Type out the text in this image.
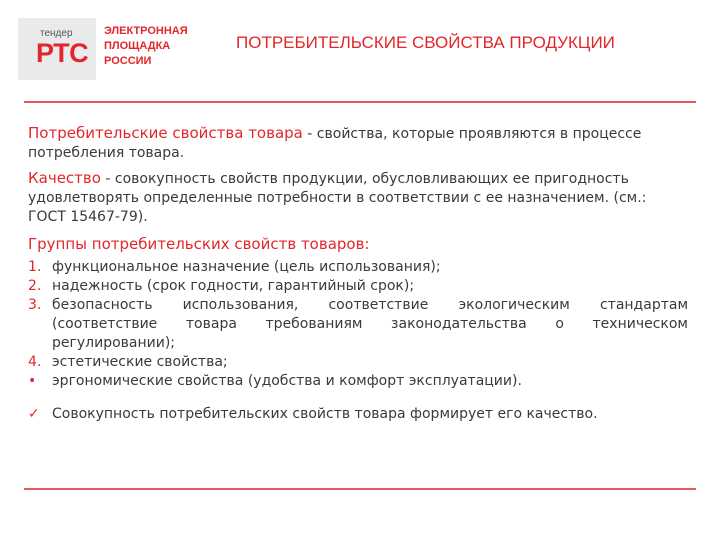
тендер
РТС
ЭЛЕКТРОННАЯ
ПЛОЩАДКА
РОССИИ
ПОТРЕБИТЕЛЬСКИЕ СВОЙСТВА ПРОДУКЦИИ

Потребительские свойства товара - свойства, которые проявляются в процессе потребления товара.

Качество - совокупность свойств продукции, обусловливающих ее пригодность удовлетворять определенные потребности в соответствии с ее назначением. (см.: ГОСТ 15467-79).

Группы потребительских свойств товаров:

1. функциональное назначение (цель использования);
2. надежность (срок годности, гарантийный срок);
3. безопасность использования, соответствие экологическим стандартам (соответствие товара требованиям законодательства о техническом регулировании);
4. эстетические свойства;
•	эргономические свойства (удобства и комфорт эксплуатации).

✓ Совокупность потребительских свойств товара формирует его качество.
